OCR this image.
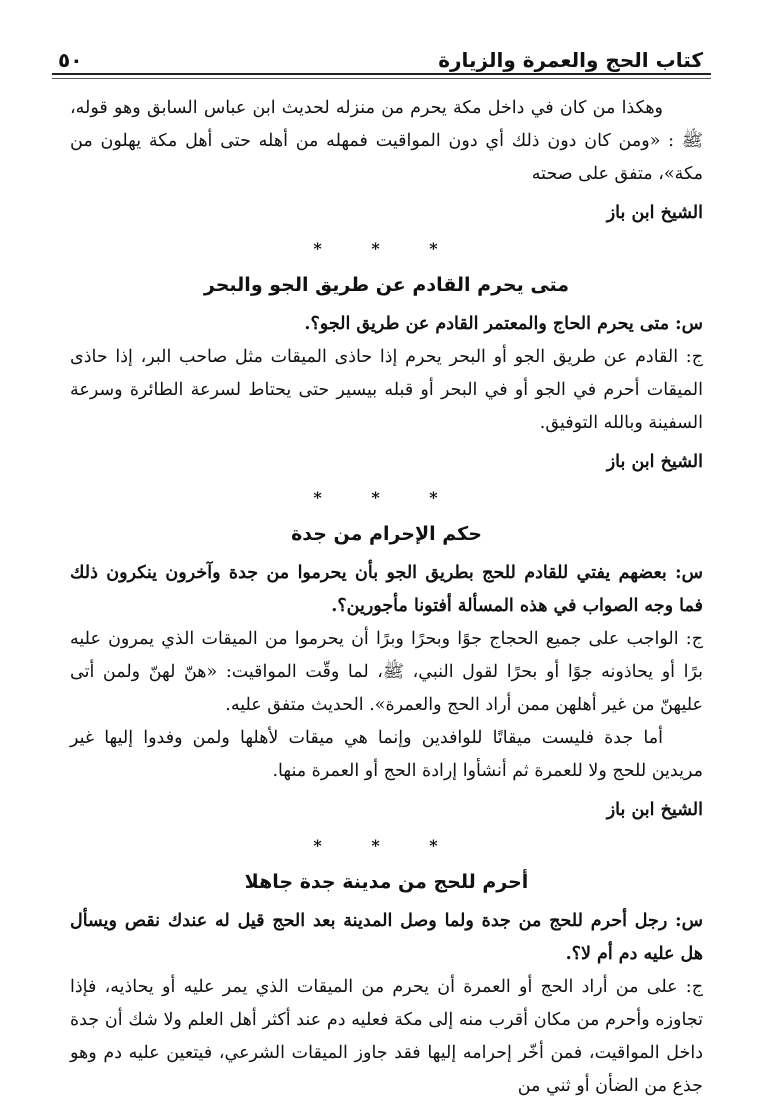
كتاب الحج والعمرة والزيارة
٥٠

وهكذا من كان في داخل مكة يحرم من منزله لحديث ابن عباس السابق وهو قوله، ﷺ : «ومن كان دون ذلك أي دون المواقيت فمهله من أهله حتى أهل مكة يهلون من مكة»، متفق على صحته

الشيخ ابن باز

* * *
متى يحرم القادم عن طريق الجو والبحر

س: متى يحرم الحاج والمعتمر القادم عن طريق الجو؟.

ج: القادم عن طريق الجو أو البحر يحرم إذا حاذى الميقات مثل صاحب البر، إذا حاذى الميقات أحرم في الجو أو في البحر أو قبله بيسير حتى يحتاط لسرعة الطائرة وسرعة السفينة وبالله التوفيق.

الشيخ ابن باز

* * *
حكم الإحرام من جدة

س: بعضهم يفتي للقادم للحج بطريق الجو بأن يحرموا من جدة وآخرون ينكرون ذلك فما وجه الصواب في هذه المسألة أفتونا مأجورين؟.

ج: الواجب على جميع الحجاج جوًا وبحرًا وبرًا أن يحرموا من الميقات الذي يمرون عليه برًا أو يحاذونه جوًا أو بحرًا لقول النبي، ﷺ، لما وقّت المواقيت: «هنّ لهنّ ولمن أتى عليهنّ من غير أهلهن ممن أراد الحج والعمرة». الحديث متفق عليه.

أما جدة فليست ميقاتًا للوافدين وإنما هي ميقات لأهلها ولمن وفدوا إليها غير مريدين للحج ولا للعمرة ثم أنشأوا إرادة الحج أو العمرة منها.

الشيخ ابن باز

* * *
أحرم للحج من مدينة جدة جاهلا

س: رجل أحرم للحج من جدة ولما وصل المدينة بعد الحج قيل له عندك نقص ويسأل هل عليه دم أم لا؟.

ج: على من أراد الحج أو العمرة أن يحرم من الميقات الذي يمر عليه أو يحاذيه، فإذا تجاوزه وأحرم من مكان أقرب منه إلى مكة فعليه دم عند أكثر أهل العلم ولا شك أن جدة داخل المواقيت، فمن أخّر إحرامه إليها فقد جاوز الميقات الشرعي، فيتعين عليه دم وهو جذع من الضأن أو ثني من
